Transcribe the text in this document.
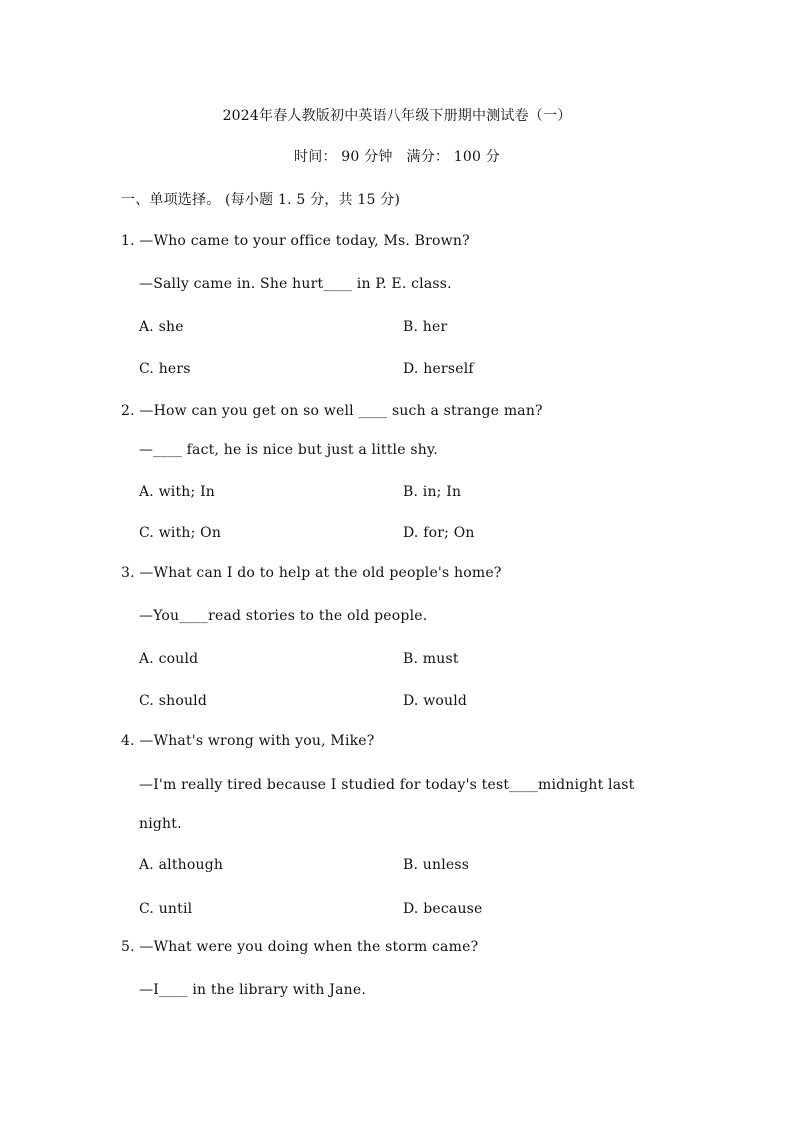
2024年春人教版初中英语八年级下册期中测试卷（一）
时间： 90 分钟   满分： 100 分
一、单项选择。 (每小题 1. 5 分，共 15 分)
1. —Who came to your office today, Ms. Brown?
—Sally came in. She hurt____ in P. E. class.
A. she	B. her
C. hers	D. herself
2. —How can you get on so well ____ such a strange man?
—____ fact, he is nice but just a little shy.
A. with; In	B. in; In
C. with; On	D. for; On
3. —What can I do to help at the old people's home?
—You____read stories to the old people.
A. could	B. must
C. should	D. would
4. —What's wrong with you, Mike?
—I'm really tired because I studied for today's test____midnight last
night.
A. although	B. unless
C. until	D. because
5. —What were you doing when the storm came?
—I____ in the library with Jane.
